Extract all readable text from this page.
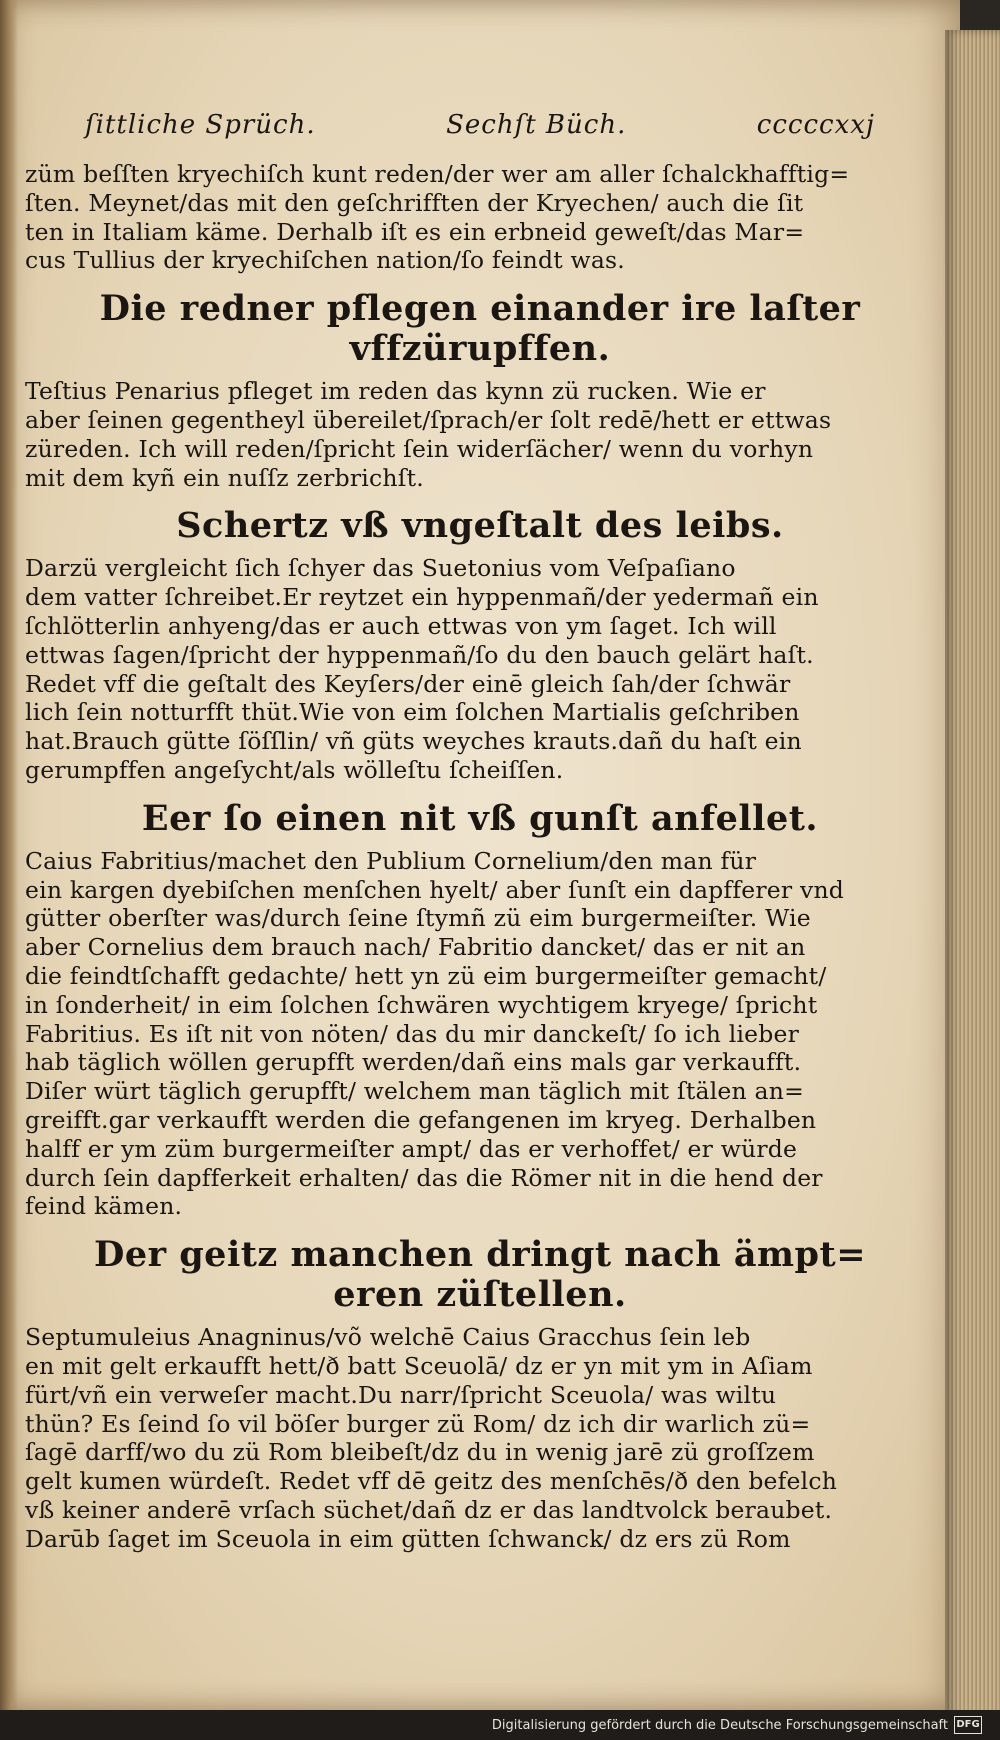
ſittliche Sprüch.	Sechſt Büch.	cccccxxj

züm beſſten kryechiſch kunt reden/der wer am aller ſchalckhafftig=
ſten. Meynet/das mit den geſchrifften der Kryechen/ auch die ſit
ten in Italiam käme. Derhalb iſt es ein erbneid geweſt/das Mar=
cus Tullius der kryechiſchen nation/ſo feindt was.

Die redner pflegen einander ire laſter
vffzürupffen.

Teſtius Penarius pfleget im reden das kynn zü rucken. Wie er
aber ſeinen gegentheyl übereilet/ſprach/er ſolt redē/hett er ettwas
züreden. Ich will reden/ſpricht ſein widerſächer/ wenn du vorhyn
mit dem kyñ ein nuſſz zerbrichſt.

Schertz vß vngeſtalt des leibs.

Darzü vergleicht ſich ſchyer das Suetonius vom Veſpaſiano
dem vatter ſchreibet.Er reytzet ein hyppenmañ/der yedermañ ein
ſchlötterlin anhyeng/das er auch ettwas von ym ſaget. Ich will
ettwas ſagen/ſpricht der hyppenmañ/ſo du den bauch gelärt haſt.
Redet vff die geſtalt des Keyſers/der einē gleich ſah/der ſchwär
lich ſein notturfft thüt.Wie von eim ſolchen Martialis geſchriben
hat.Brauch gütte ſöſſlin/ vñ güts weyches krauts.dañ du haſt ein
gerumpffen angeſycht/als wölleſtu ſcheiſſen.

Eer ſo einen nit vß gunſt anfellet.

Caius Fabritius/machet den Publium Cornelium/den man für
ein kargen dyebiſchen menſchen hyelt/ aber ſunſt ein dapfferer vnd
gütter oberſter was/durch ſeine ſtymñ zü eim burgermeiſter. Wie
aber Cornelius dem brauch nach/ Fabritio dancket/ das er nit an
die feindtſchafft gedachte/ hett yn zü eim burgermeiſter gemacht/
in ſonderheit/ in eim ſolchen ſchwären wychtigem kryege/ ſpricht
Fabritius. Es iſt nit von nöten/ das du mir danckeſt/ ſo ich lieber
hab täglich wöllen gerupfft werden/dañ eins mals gar verkaufft.
Diſer würt täglich gerupfft/ welchem man täglich mit ſtälen an=
greifft.gar verkaufft werden die gefangenen im kryeg. Derhalben
halff er ym züm burgermeiſter ampt/ das er verhoffet/ er würde
durch ſein dapfferkeit erhalten/ das die Römer nit in die hend der
feind kämen.

Der geitz manchen dringt nach ämpt=
eren züſtellen.

Septumuleius Anagninus/võ welchē Caius Gracchus ſein leb
en mit gelt erkaufft hett/ð batt Sceuolā/ dz er yn mit ym in Aſiam
fürt/vñ ein verweſer macht.Du narr/ſpricht Sceuola/ was wiltu
thün? Es ſeind ſo vil böſer burger zü Rom/ dz ich dir warlich zü=
ſagē darff/wo du zü Rom bleibeſt/dz du in wenig jarē zü groſſzem
gelt kumen würdeſt. Redet vff dē geitz des menſchēs/ð den befelch
vß keiner anderē vrſach süchet/dañ dz er das landtvolck beraubet.
Darūb ſaget im Sceuola in eim gütten ſchwanck/ dz ers zü Rom

Digitalisierung gefördert durch die Deutsche Forschungsgemeinschaft DFG
